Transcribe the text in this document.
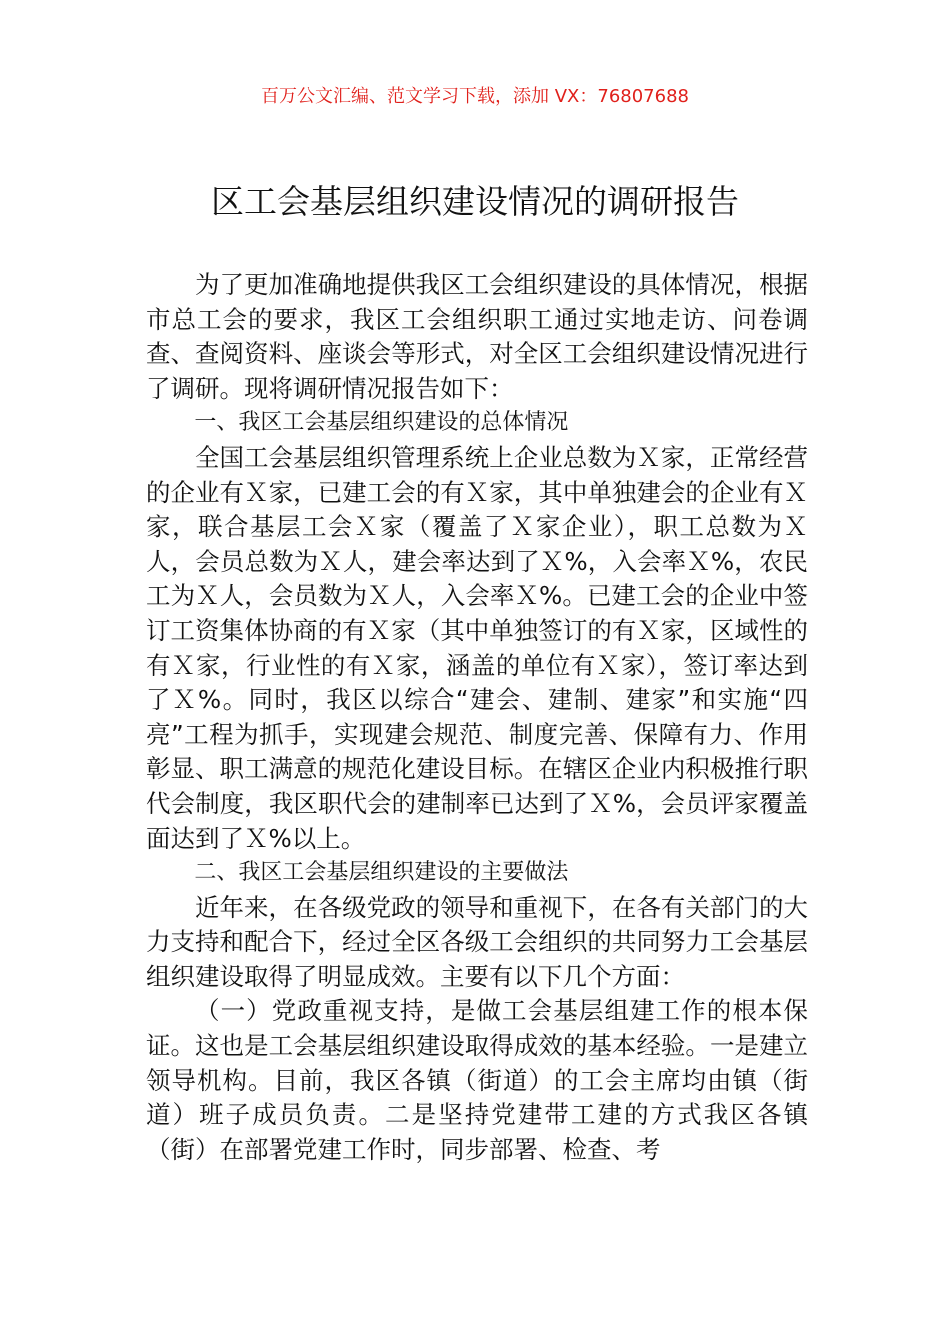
百万公文汇编、范文学习下载，添加 VX：76807688
区工会基层组织建设情况的调研报告

为了更加准确地提供我区工会组织建设的具体情况，根据市总工会的要求，我区工会组织职工通过实地走访、问卷调查、查阅资料、座谈会等形式，对全区工会组织建设情况进行了调研。现将调研情况报告如下：

一、我区工会基层组织建设的总体情况

全国工会基层组织管理系统上企业总数为Ｘ家，正常经营的企业有Ｘ家，已建工会的有Ｘ家，其中单独建会的企业有Ｘ家，联合基层工会Ｘ家（覆盖了Ｘ家企业），职工总数为Ｘ人，会员总数为Ｘ人，建会率达到了Ｘ%，入会率Ｘ%，农民工为Ｘ人，会员数为Ｘ人，入会率Ｘ%。已建工会的企业中签订工资集体协商的有Ｘ家（其中单独签订的有Ｘ家，区域性的有Ｘ家，行业性的有Ｘ家，涵盖的单位有Ｘ家），签订率达到了Ｘ%。同时，我区以综合“建会、建制、建家”和实施“四亮”工程为抓手，实现建会规范、制度完善、保障有力、作用彰显、职工满意的规范化建设目标。在辖区企业内积极推行职代会制度，我区职代会的建制率已达到了Ｘ%，会员评家覆盖面达到了Ｘ%以上。

二、我区工会基层组织建设的主要做法

近年来，在各级党政的领导和重视下，在各有关部门的大力支持和配合下，经过全区各级工会组织的共同努力工会基层组织建设取得了明显成效。主要有以下几个方面：

（一）党政重视支持，是做工会基层组建工作的根本保证。这也是工会基层组织建设取得成效的基本经验。一是建立领导机构。目前，我区各镇（街道）的工会主席均由镇（街道）班子成员负责。二是坚持党建带工建的方式我区各镇（街）在部署党建工作时，同步部署、检查、考
